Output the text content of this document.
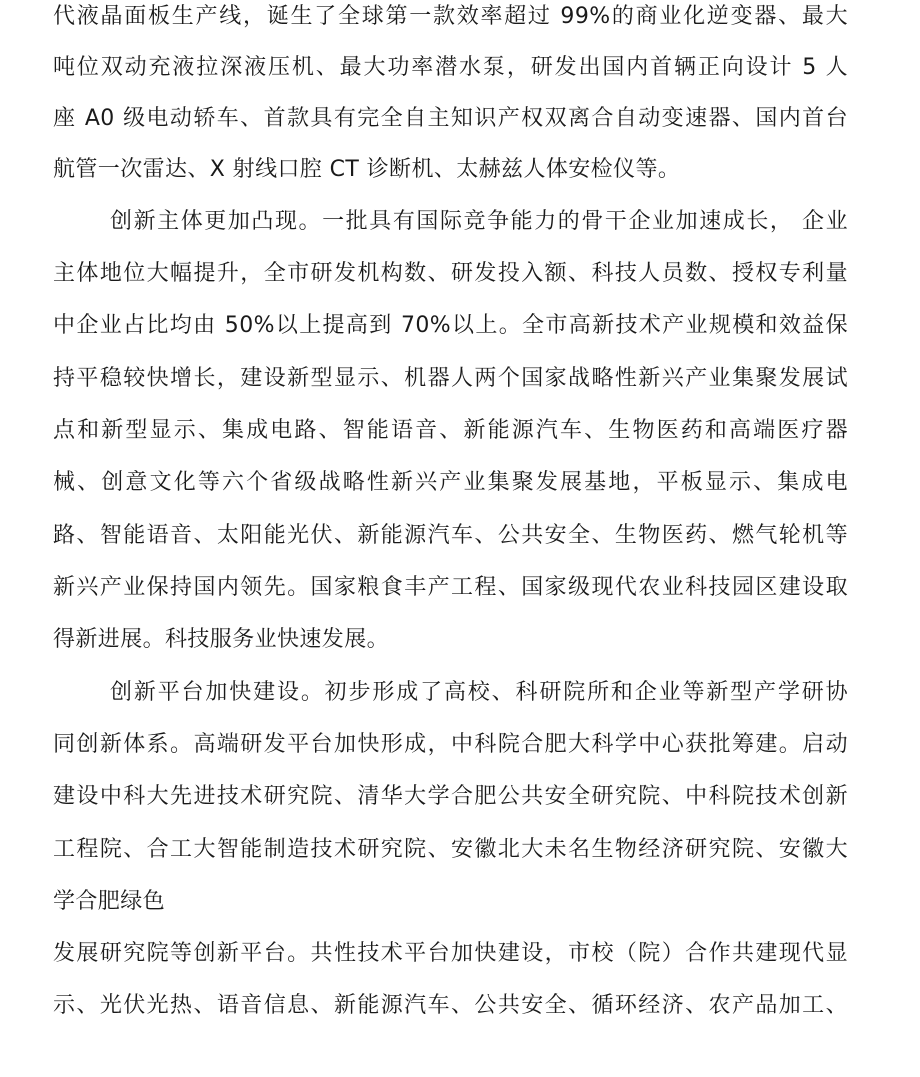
代液晶面板生产线，诞生了全球第一款效率超过 99%的商业化逆变器、最大
吨位双动充液拉深液压机、最大功率潜水泵，研发出国内首辆正向设计 5 人
座 A0 级电动轿车、首款具有完全自主知识产权双离合自动变速器、国内首台
航管一次雷达、X 射线口腔 CT 诊断机、太赫兹人体安检仪等。
创新主体更加凸现。一批具有国际竞争能力的骨干企业加速成长， 企业
主体地位大幅提升，全市研发机构数、研发投入额、科技人员数、授权专利量
中企业占比均由 50%以上提高到 70%以上。全市高新技术产业规模和效益保
持平稳较快增长，建设新型显示、机器人两个国家战略性新兴产业集聚发展试
点和新型显示、集成电路、智能语音、新能源汽车、生物医药和高端医疗器
械、创意文化等六个省级战略性新兴产业集聚发展基地，平板显示、集成电
路、智能语音、太阳能光伏、新能源汽车、公共安全、生物医药、燃气轮机等
新兴产业保持国内领先。国家粮食丰产工程、国家级现代农业科技园区建设取
得新进展。科技服务业快速发展。
创新平台加快建设。初步形成了高校、科研院所和企业等新型产学研协
同创新体系。高端研发平台加快形成，中科院合肥大科学中心获批筹建。启动
建设中科大先进技术研究院、清华大学合肥公共安全研究院、中科院技术创新
工程院、合工大智能制造技术研究院、安徽北大未名生物经济研究院、安徽大
学合肥绿色
发展研究院等创新平台。共性技术平台加快建设，市校（院）合作共建现代显
示、光伏光热、语音信息、新能源汽车、公共安全、循环经济、农产品加工、
